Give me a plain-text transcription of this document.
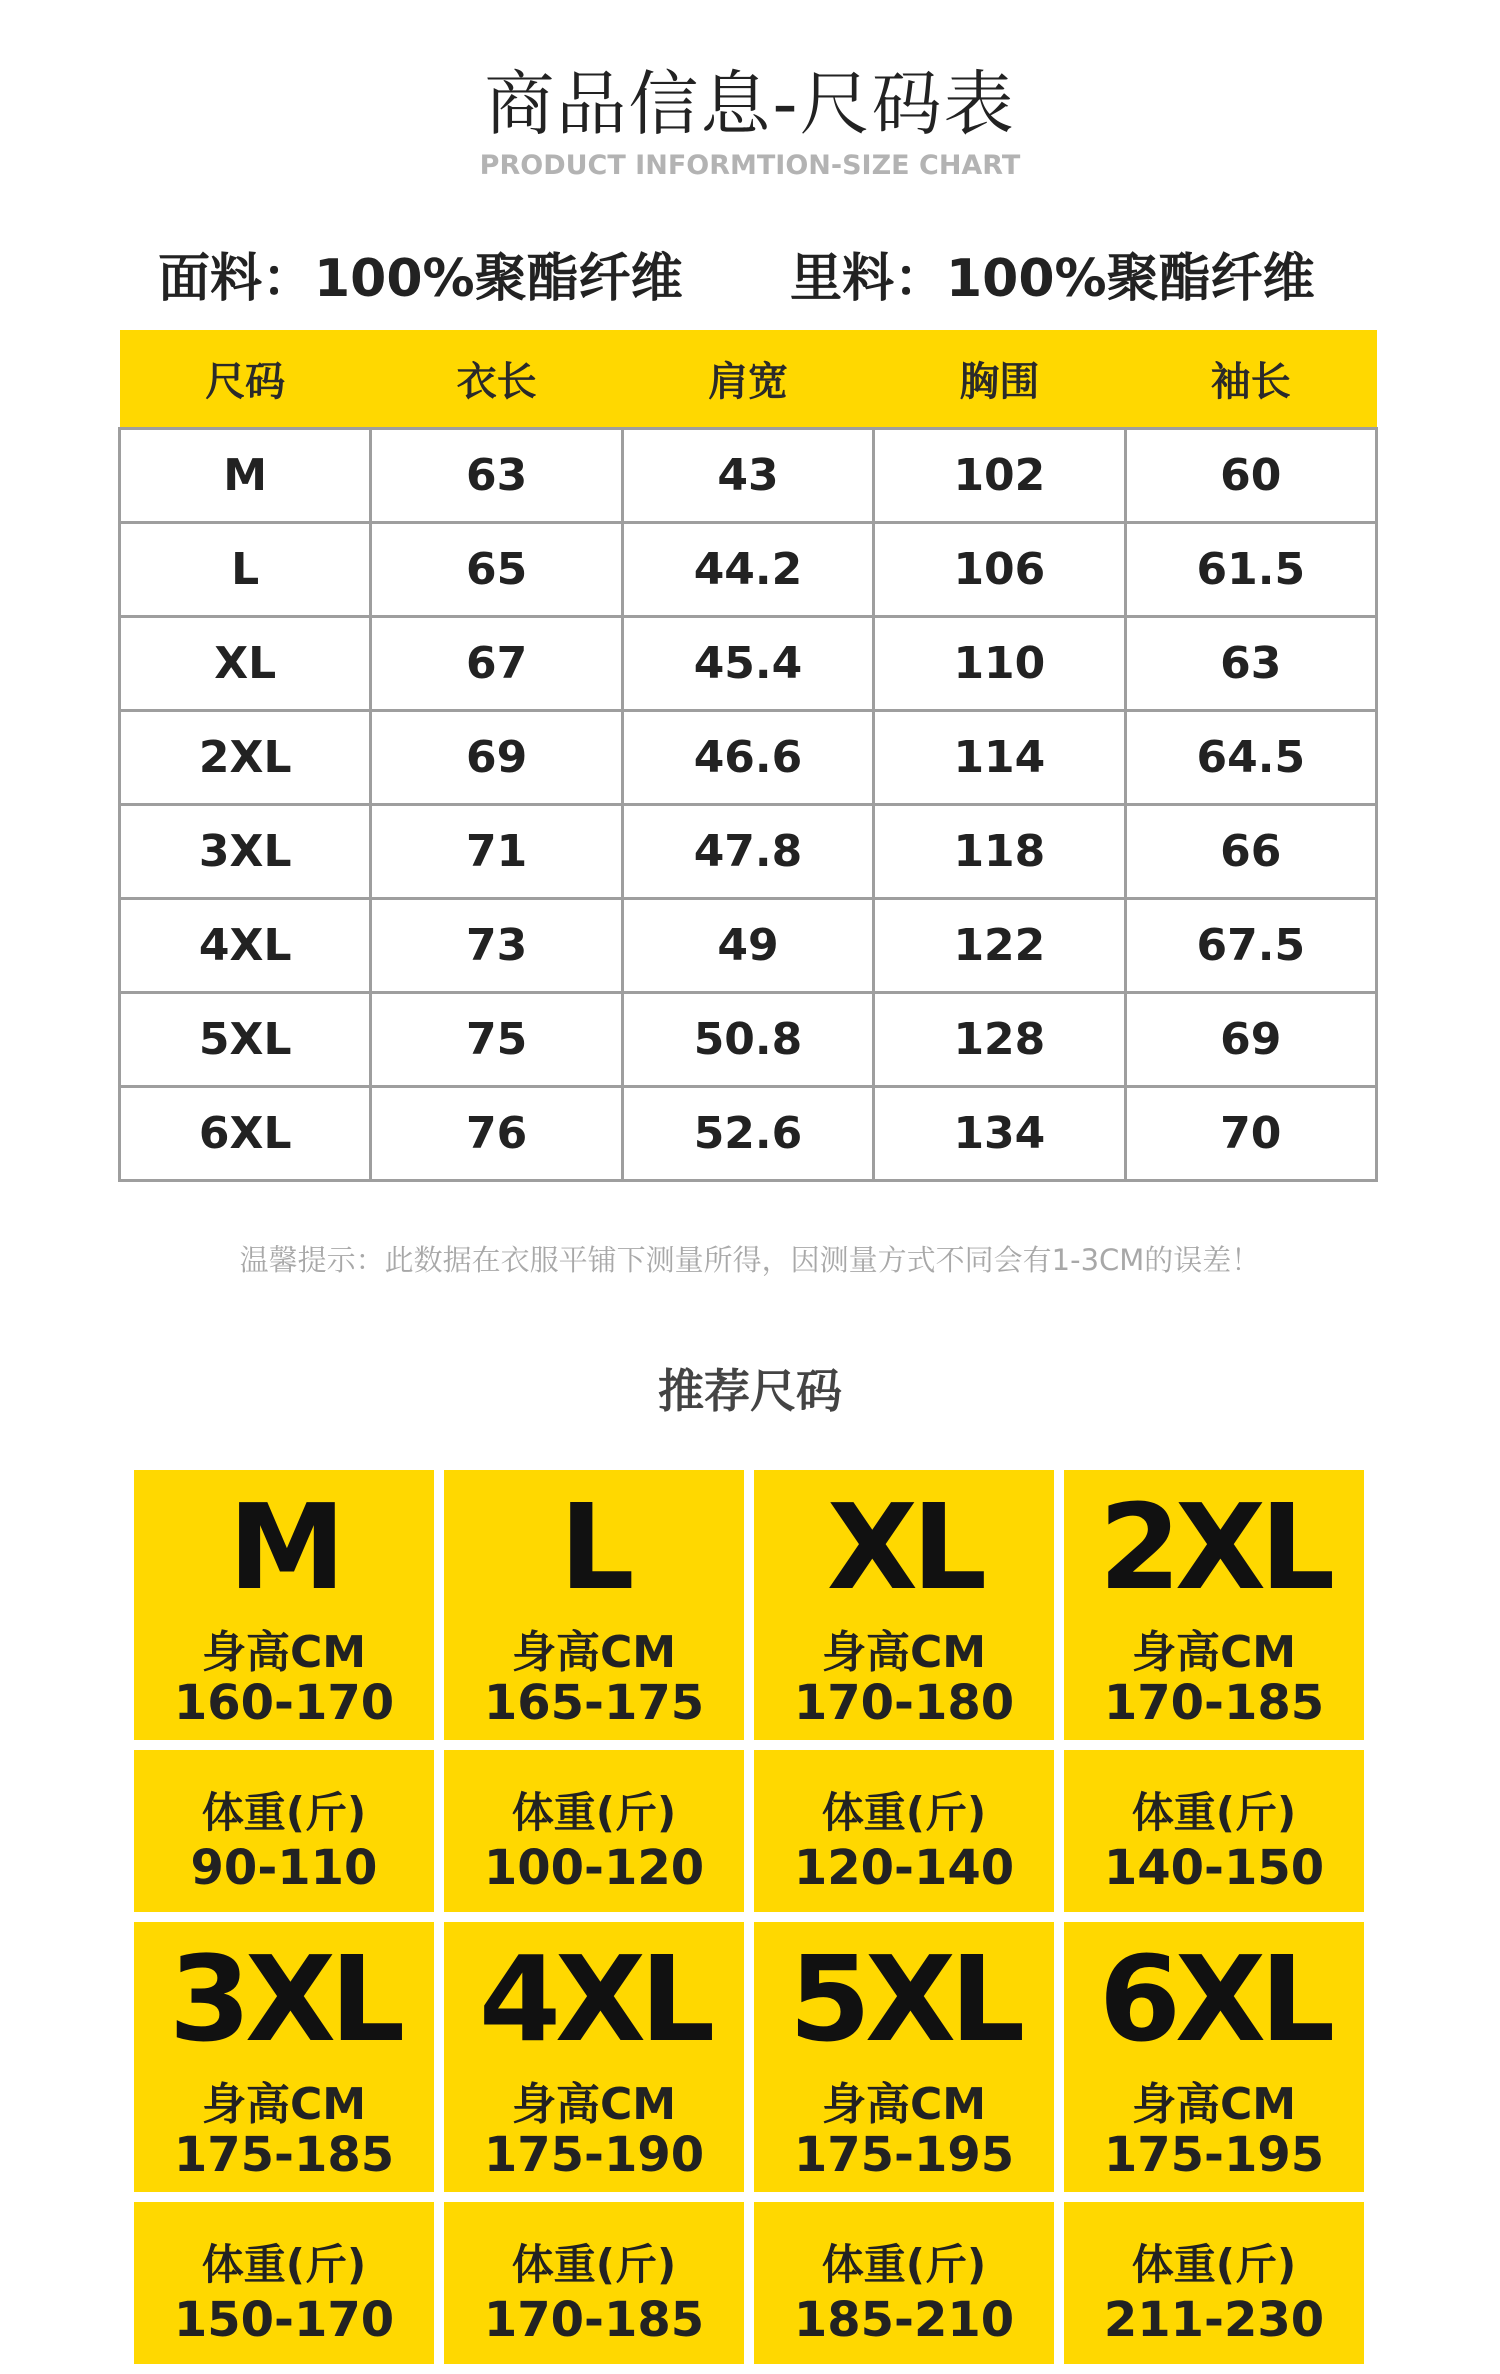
商品信息-尺码表
PRODUCT INFORMTION-SIZE CHART
面料：100%聚酯纤维 里料：100%聚酯纤维
尺码	衣长	肩宽	胸围	袖长
M	63	43	102	60
L	65	44.2	106	61.5
XL	67	45.4	110	63
2XL	69	46.6	114	64.5
3XL	71	47.8	118	66
4XL	73	49	122	67.5
5XL	75	50.8	128	69
6XL	76	52.6	134	70
温馨提示：此数据在衣服平铺下测量所得，因测量方式不同会有1-3CM的误差！
推荐尺码
M
身高CM
160-170
L
身高CM
165-175
XL
身高CM
170-180
2XL
身高CM
170-185
体重(斤)
90-110
体重(斤)
100-120
体重(斤)
120-140
体重(斤)
140-150
3XL
身高CM
175-185
4XL
身高CM
175-190
5XL
身高CM
175-195
6XL
身高CM
175-195
体重(斤)
150-170
体重(斤)
170-185
体重(斤)
185-210
体重(斤)
211-230
